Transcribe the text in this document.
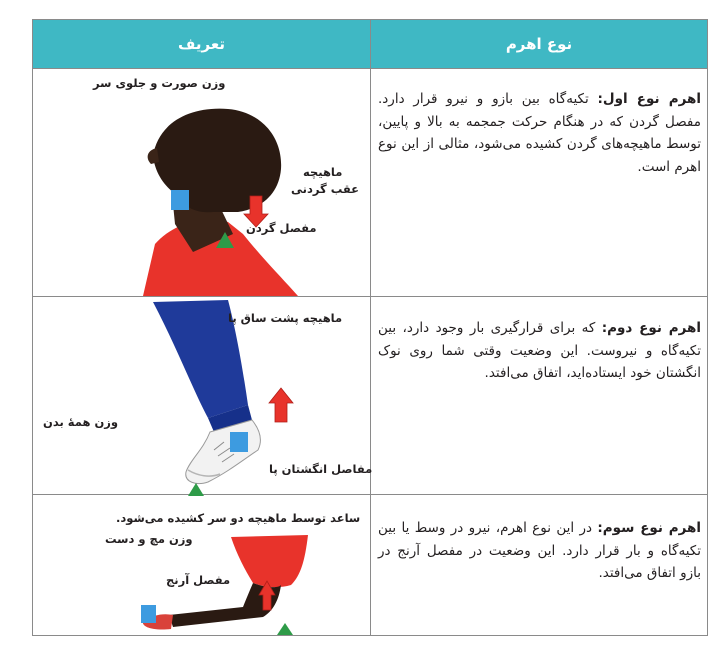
تعریف	نوع اهرم
اهرم نوع اول: تکیه‌گاه بین بازو و نیرو قرار دارد. مفصل گردن که در هنگام حرکت جمجمه به بالا و پایین، توسط ماهیچه‌های گردن کشیده می‌شود، مثالی از این نوع اهرم است.
اهرم نوع دوم: که برای قرارگیری بار وجود دارد، بین تکیه‌گاه و نیروست. این وضعیت وقتی شما روی نوک انگشتان خود ایستاده‌اید، اتفاق می‌افتد.
اهرم نوع سوم: در این نوع اهرم، نیرو در وسط یا بین تکیه‌گاه و بار قرار دارد. این وضعیت در مفصل آرنج در بازو اتفاق می‌افتد.
وزن صورت و جلوی سر
ماهیچه
عقب گردنی
مفصل گردن
ماهیچه پشت ساق پا
وزن همهٔ بدن
مفاصل انگشتان پا
ساعد توسط ماهیچه دو سر کشیده می‌شود.
وزن مچ و دست
مفصل آرنج
